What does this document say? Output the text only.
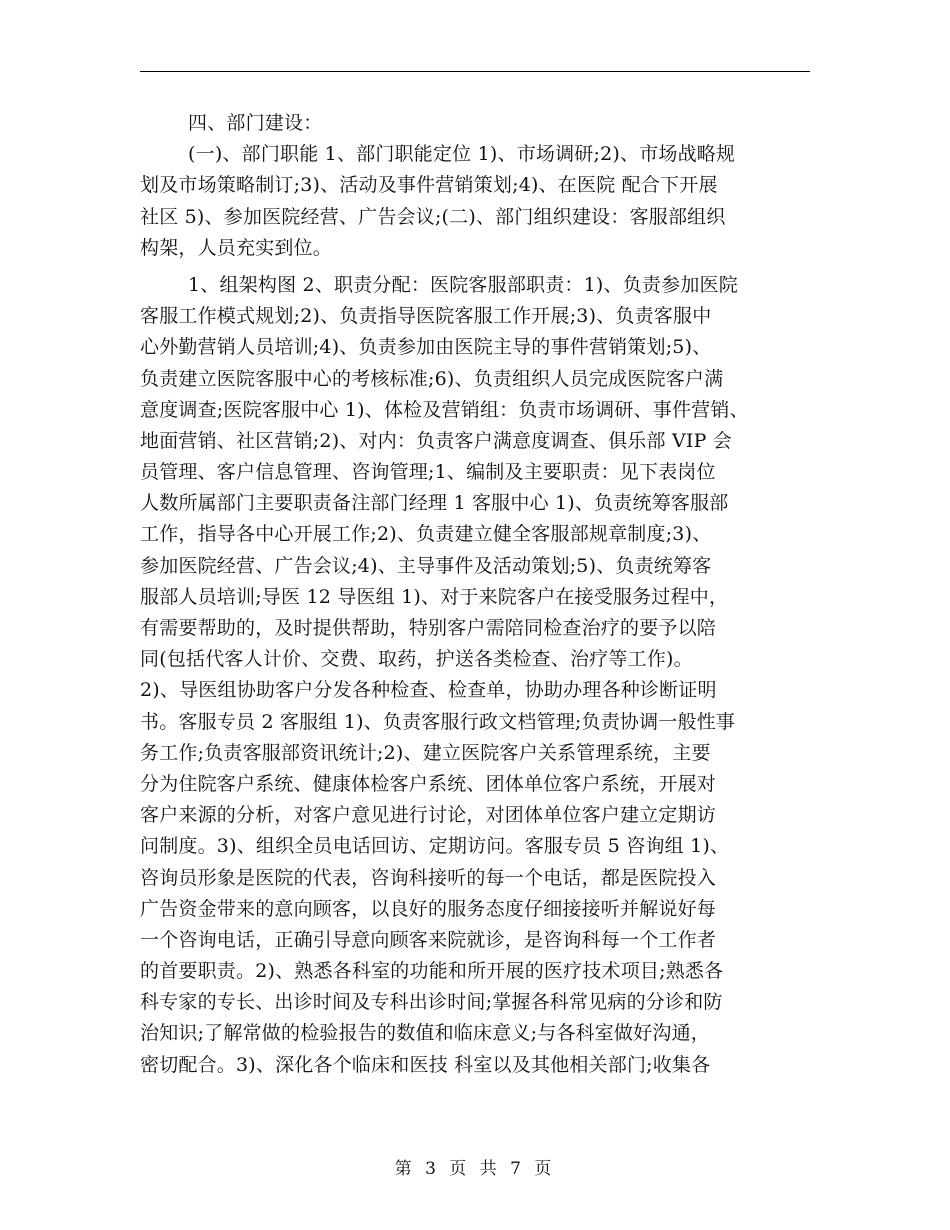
四、部门建设：
(一)、部门职能 1、部门职能定位 1)、市场调研;2)、市场战略规
划及市场策略制订;3)、活动及事件营销策划;4)、在医院 配合下开展
社区 5)、参加医院经营、广告会议;(二)、部门组织建设：客服部组织
构架，人员充实到位。
1、组架构图 2、职责分配：医院客服部职责：1)、负责参加医院
客服工作模式规划;2)、负责指导医院客服工作开展;3)、负责客服中
心外勤营销人员培训;4)、负责参加由医院主导的事件营销策划;5)、
负责建立医院客服中心的考核标准;6)、负责组织人员完成医院客户满
意度调查;医院客服中心 1)、体检及营销组：负责市场调研、事件营销、
地面营销、社区营销;2)、对内：负责客户满意度调查、俱乐部 VIP 会
员管理、客户信息管理、咨询管理;1、编制及主要职责：见下表岗位
人数所属部门主要职责备注部门经理 1 客服中心 1)、负责统筹客服部
工作，指导各中心开展工作;2)、负责建立健全客服部规章制度;3)、
参加医院经营、广告会议;4)、主导事件及活动策划;5)、负责统筹客
服部人员培训;导医 12 导医组 1)、对于来院客户在接受服务过程中，
有需要帮助的，及时提供帮助，特别客户需陪同检查治疗的要予以陪
同(包括代客人计价、交费、取药，护送各类检查、治疗等工作)。
2)、导医组协助客户分发各种检查、检查单，协助办理各种诊断证明
书。客服专员 2 客服组 1)、负责客服行政文档管理;负责协调一般性事
务工作;负责客服部资讯统计;2)、建立医院客户关系管理系统，主要
分为住院客户系统、健康体检客户系统、团体单位客户系统，开展对
客户来源的分析，对客户意见进行讨论，对团体单位客户建立定期访
问制度。3)、组织全员电话回访、定期访问。客服专员 5 咨询组 1)、
咨询员形象是医院的代表，咨询科接听的每一个电话，都是医院投入
广告资金带来的意向顾客，以良好的服务态度仔细接接听并解说好每
一个咨询电话，正确引导意向顾客来院就诊，是咨询科每一个工作者
的首要职责。2)、熟悉各科室的功能和所开展的医疗技术项目;熟悉各
科专家的专长、出诊时间及专科出诊时间;掌握各科常见病的分诊和防
治知识;了解常做的检验报告的数值和临床意义;与各科室做好沟通，
密切配合。3)、深化各个临床和医技 科室以及其他相关部门;收集各
第 3 页 共 7 页
